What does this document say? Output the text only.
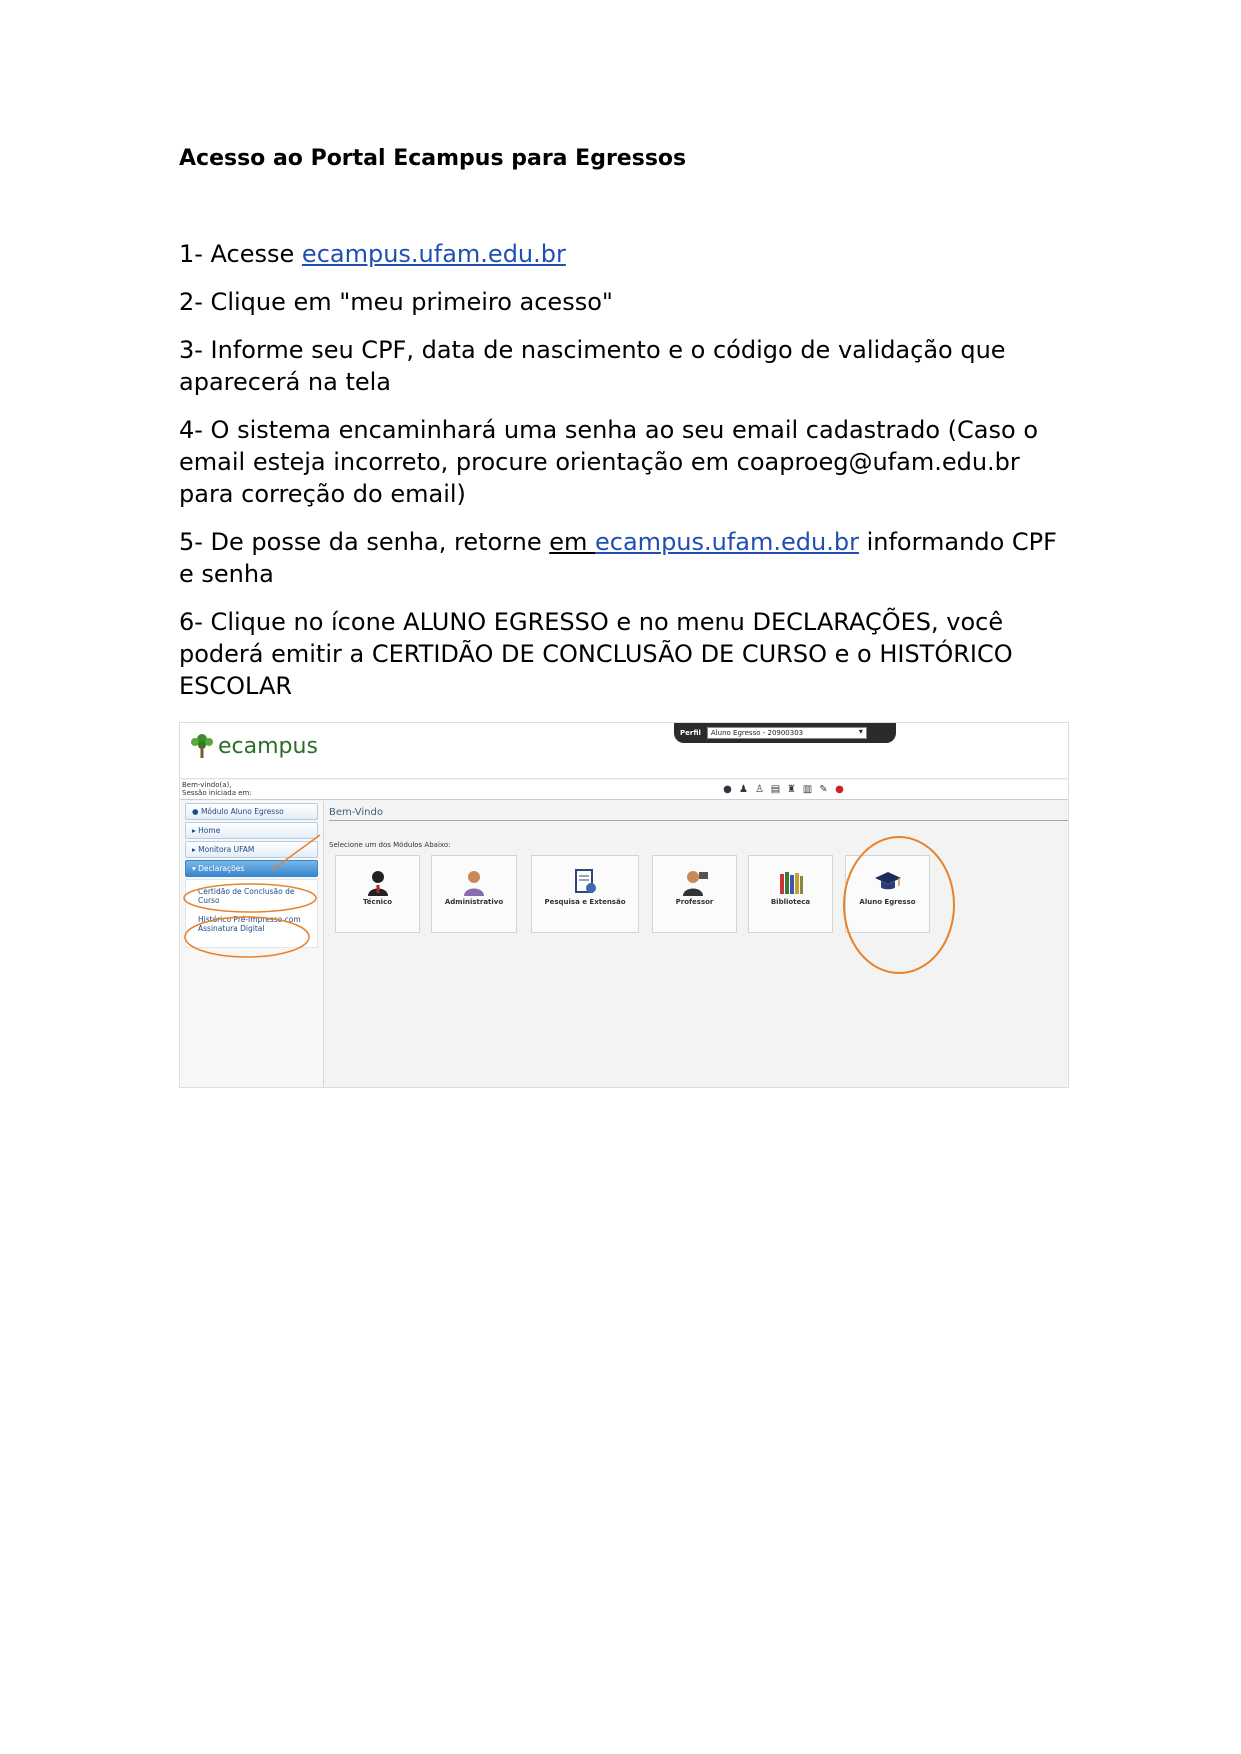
Acesso ao Portal Ecampus para Egressos

1- Acesse ecampus.ufam.edu.br

2- Clique em "meu primeiro acesso"

3- Informe seu CPF, data de nascimento e o código de validação que aparecerá na tela

4- O sistema encaminhará uma senha ao seu email cadastrado (Caso o email esteja incorreto, procure orientação em coaproeg@ufam.edu.br para correção do email)

5- De posse da senha, retorne em ecampus.ufam.edu.br informando CPF e senha

6- Clique no ícone ALUNO EGRESSO e no menu DECLARAÇÕES, você poderá emitir a CERTIDÃO DE CONCLUSÃO DE CURSO e o HISTÓRICO ESCOLAR

ecampus
Perfil	Aluno Egresso - 20900303 ▾
Bem-vindo(a),
Sessão iniciada em:	● ♟ ♙ ▤ ♜ ▥ ✎ ●
● Módulo Aluno Egresso
▸ Home
▸ Monitora UFAM
▾ Declarações
Certidão de Conclusão de Curso
Histórico Pré-Impresso com Assinatura Digital
Bem-Vindo
Selecione um dos Módulos Abaixo:
Técnico	Administrativo	Pesquisa e Extensão	Professor	Biblioteca	Aluno Egresso
